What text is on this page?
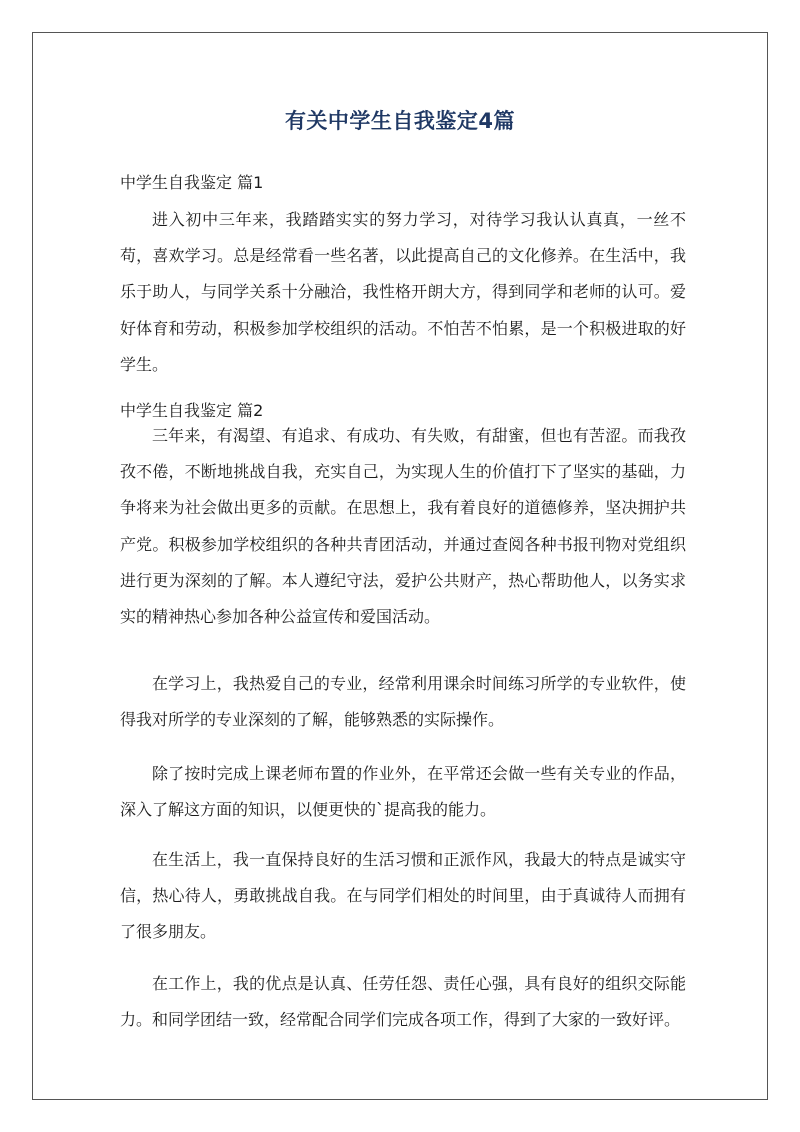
有关中学生自我鉴定4篇

中学生自我鉴定 篇1

进入初中三年来，我踏踏实实的努力学习，对待学习我认认真真，一丝不苟，喜欢学习。总是经常看一些名著，以此提高自己的文化修养。在生活中，我乐于助人，与同学关系十分融洽，我性格开朗大方，得到同学和老师的认可。爱好体育和劳动，积极参加学校组织的活动。不怕苦不怕累，是一个积极进取的好学生。

中学生自我鉴定 篇2

三年来，有渴望、有追求、有成功、有失败，有甜蜜，但也有苦涩。而我孜孜不倦，不断地挑战自我，充实自己，为实现人生的价值打下了坚实的基础，力争将来为社会做出更多的贡献。在思想上，我有着良好的道德修养，坚决拥护共产党。积极参加学校组织的各种共青团活动，并通过查阅各种书报刊物对党组织进行更为深刻的了解。本人遵纪守法，爱护公共财产，热心帮助他人，以务实求实的精神热心参加各种公益宣传和爱国活动。

在学习上，我热爱自己的专业，经常利用课余时间练习所学的专业软件，使得我对所学的专业深刻的了解，能够熟悉的实际操作。

除了按时完成上课老师布置的作业外，在平常还会做一些有关专业的作品，深入了解这方面的知识，以便更快的`提高我的能力。

在生活上，我一直保持良好的生活习惯和正派作风，我最大的特点是诚实守信，热心待人，勇敢挑战自我。在与同学们相处的时间里，由于真诚待人而拥有了很多朋友。

在工作上，我的优点是认真、任劳任怨、责任心强，具有良好的组织交际能力。和同学团结一致，经常配合同学们完成各项工作，得到了大家的一致好评。
